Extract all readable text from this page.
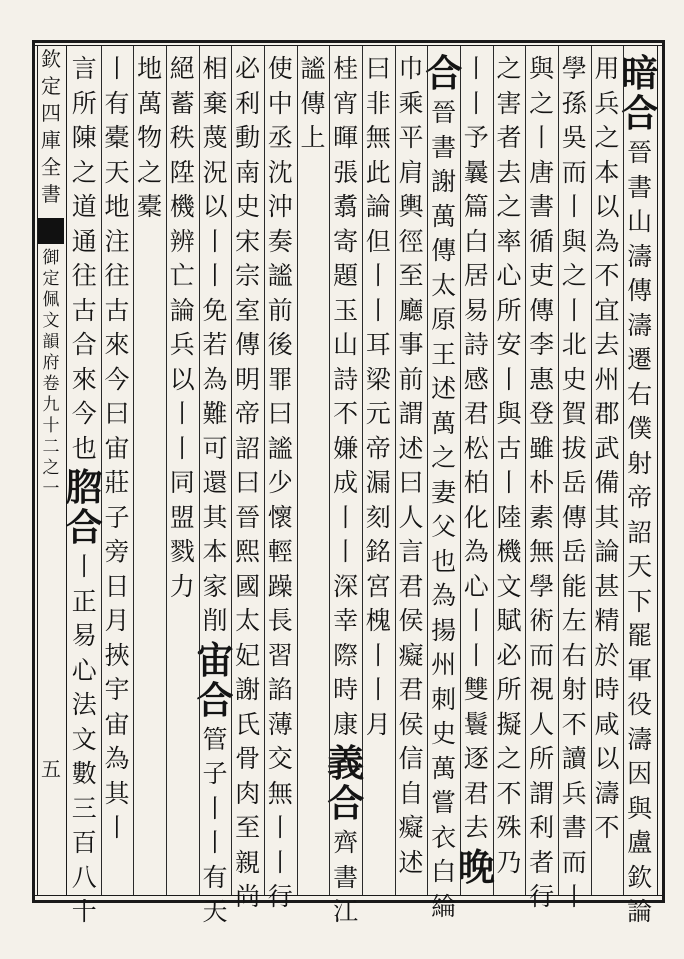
欽
定
四
庫
全
書
御
定
佩
文
韻
府
卷
九
十
二
之
一
五
暗
合
晉
書
山
濤
傳
濤
遷
右
僕
射
帝
詔
天
下
罷
軍
役
濤
因
與
盧
欽
論
用
兵
之
本
以
為
不
宜
去
州
郡
武
備
其
論
甚
精
於
時
咸
以
濤
不
學
孫
吳
而
丨
與
之
丨
北
史
賀
拔
岳
傳
岳
能
左
右
射
不
讀
兵
書
而
丨
與
之
丨
唐
書
循
吏
傳
李
惠
登
雖
朴
素
無
學
術
而
視
人
所
謂
利
者
行
之
害
者
去
之
率
心
所
安
丨
與
古
丨
陸
機
文
賦
必
所
擬
之
不
殊
乃
丨
丨
予
曩
篇
白
居
易
詩
感
君
松
柏
化
為
心
丨
丨
雙
鬟
逐
君
去
晚
合
晉
書
謝
萬
傳
太
原
王
述
萬
之
妻
父
也
為
揚
州
刺
史
萬
嘗
衣
白
綸
巾
乘
平
肩
輿
徑
至
廳
事
前
謂
述
曰
人
言
君
侯
癡
君
侯
信
自
癡
述
曰
非
無
此
論
但
丨
丨
耳
梁
元
帝
漏
刻
銘
宮
槐
丨
丨
月
桂
宵
暉
張
翥
寄
題
玉
山
詩
不
嫌
成
丨
丨
深
幸
際
時
康
義
合
齊
書
江
謐
傳
上
使
中
丞
沈
沖
奏
謐
前
後
罪
曰
謐
少
懷
輕
躁
長
習
諂
薄
交
無
丨
丨
行
必
利
動
南
史
宋
宗
室
傳
明
帝
詔
曰
晉
熙
國
太
妃
謝
氏
骨
肉
至
親
尚
相
棄
蔑
況
以
丨
丨
免
若
為
難
可
還
其
本
家
削
宙
合
管
子
丨
丨
有
天
絕
蓄
秩
陞
機
辨
亡
論
兵
以
丨
丨
同
盟
戮
力
地
萬
物
之
橐
丨
有
橐
天
地
注
往
古
來
今
曰
宙
莊
子
旁
日
月
挾
宇
宙
為
其
丨
言
所
陳
之
道
通
往
古
合
來
今
也
脗
合
丨
正
易
心
法
文
數
三
百
八
十
